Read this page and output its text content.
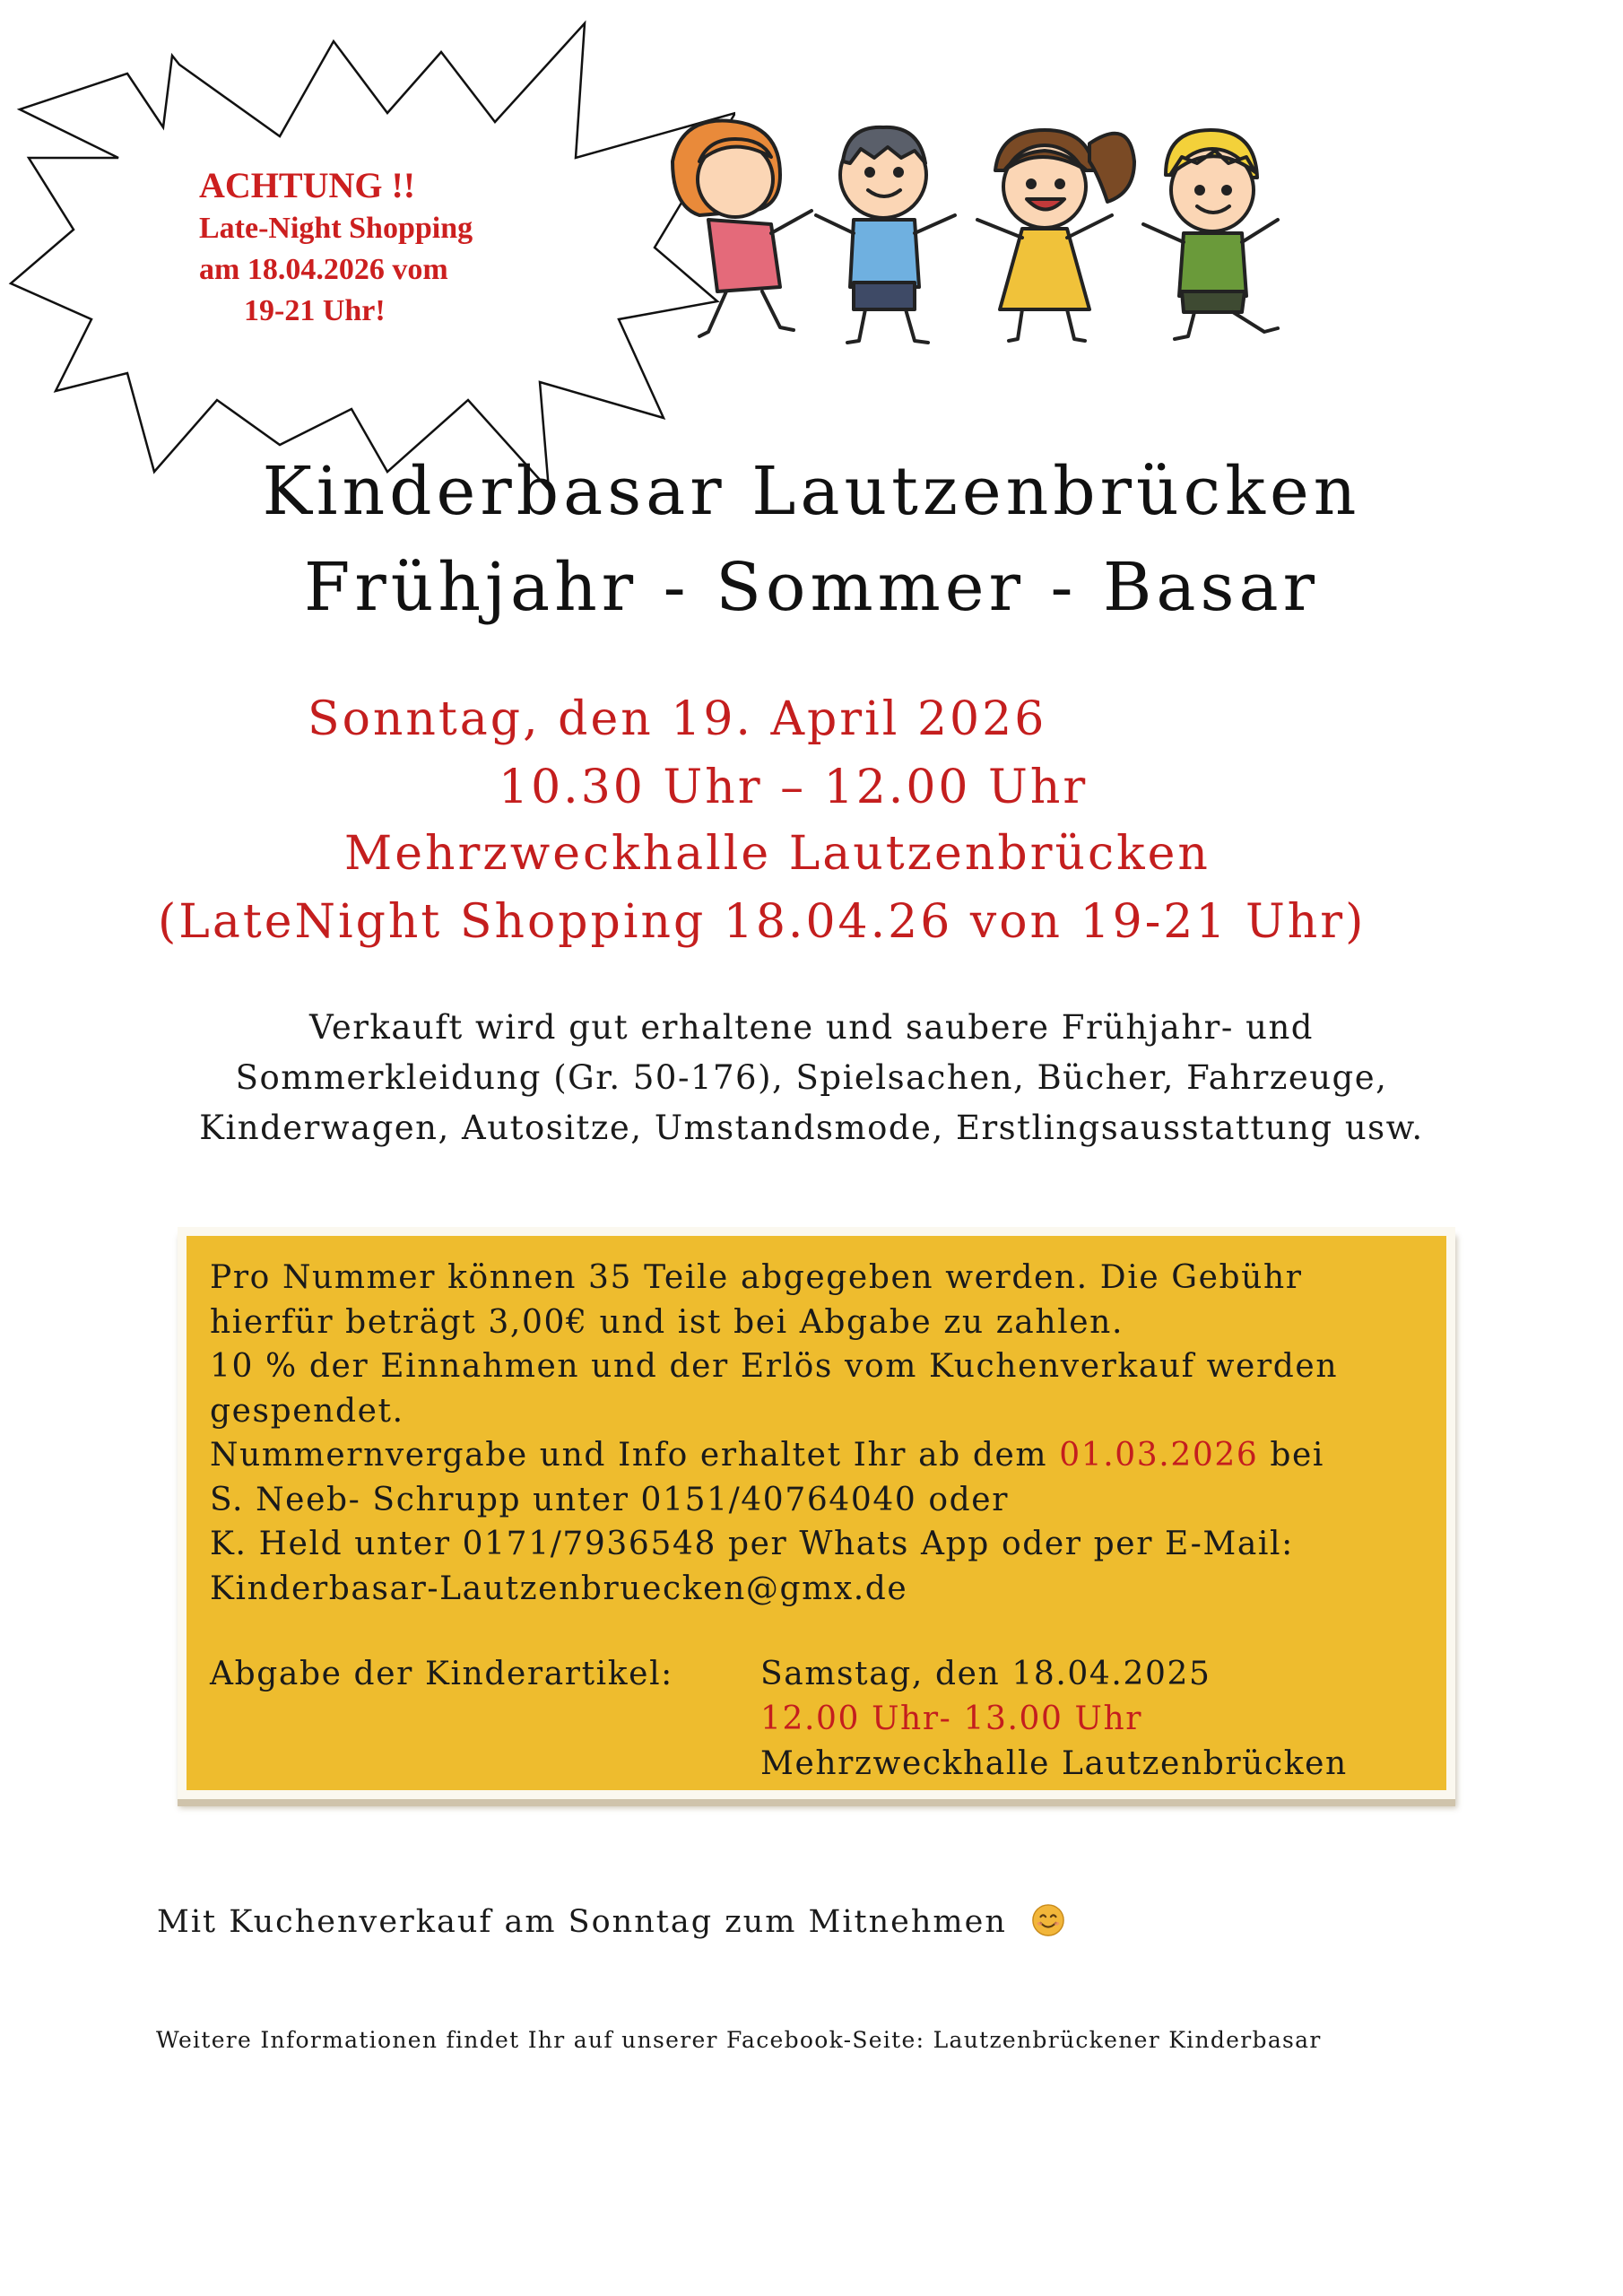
ACHTUNG !!
Late-Night Shopping
am 18.04.2026 vom
19-21 Uhr!
Kinderbasar Lautzenbrücken
Frühjahr - Sommer - Basar
Sonntag, den 19. April 2026
10.30 Uhr – 12.00 Uhr
Mehrzweckhalle Lautzenbrücken
(LateNight Shopping 18.04.26 von 19-21 Uhr)
Verkauft wird gut erhaltene und saubere Frühjahr- und
Sommerkleidung (Gr. 50-176), Spielsachen, Bücher, Fahrzeuge,
Kinderwagen, Autositze, Umstandsmode, Erstlingsausstattung usw.
Pro Nummer können 35 Teile abgegeben werden. Die Gebühr
hierfür beträgt 3,00€ und ist bei Abgabe zu zahlen.
10 % der Einnahmen und der Erlös vom Kuchenverkauf werden
gespendet.
Nummernvergabe und Info erhaltet Ihr ab dem 01.03.2026 bei
S. Neeb- Schrupp unter 0151/40764040 oder
K. Held unter 0171/7936548 per Whats App oder per E-Mail:
Kinderbasar-Lautzenbruecken@gmx.de
Abgabe der Kinderartikel:	Samstag, den 18.04.2025
12.00 Uhr- 13.00 Uhr
Mehrzweckhalle Lautzenbrücken
Mit Kuchenverkauf am Sonntag zum Mitnehmen
Weitere Informationen findet Ihr auf unserer Facebook-Seite: Lautzenbrückener Kinderbasar
